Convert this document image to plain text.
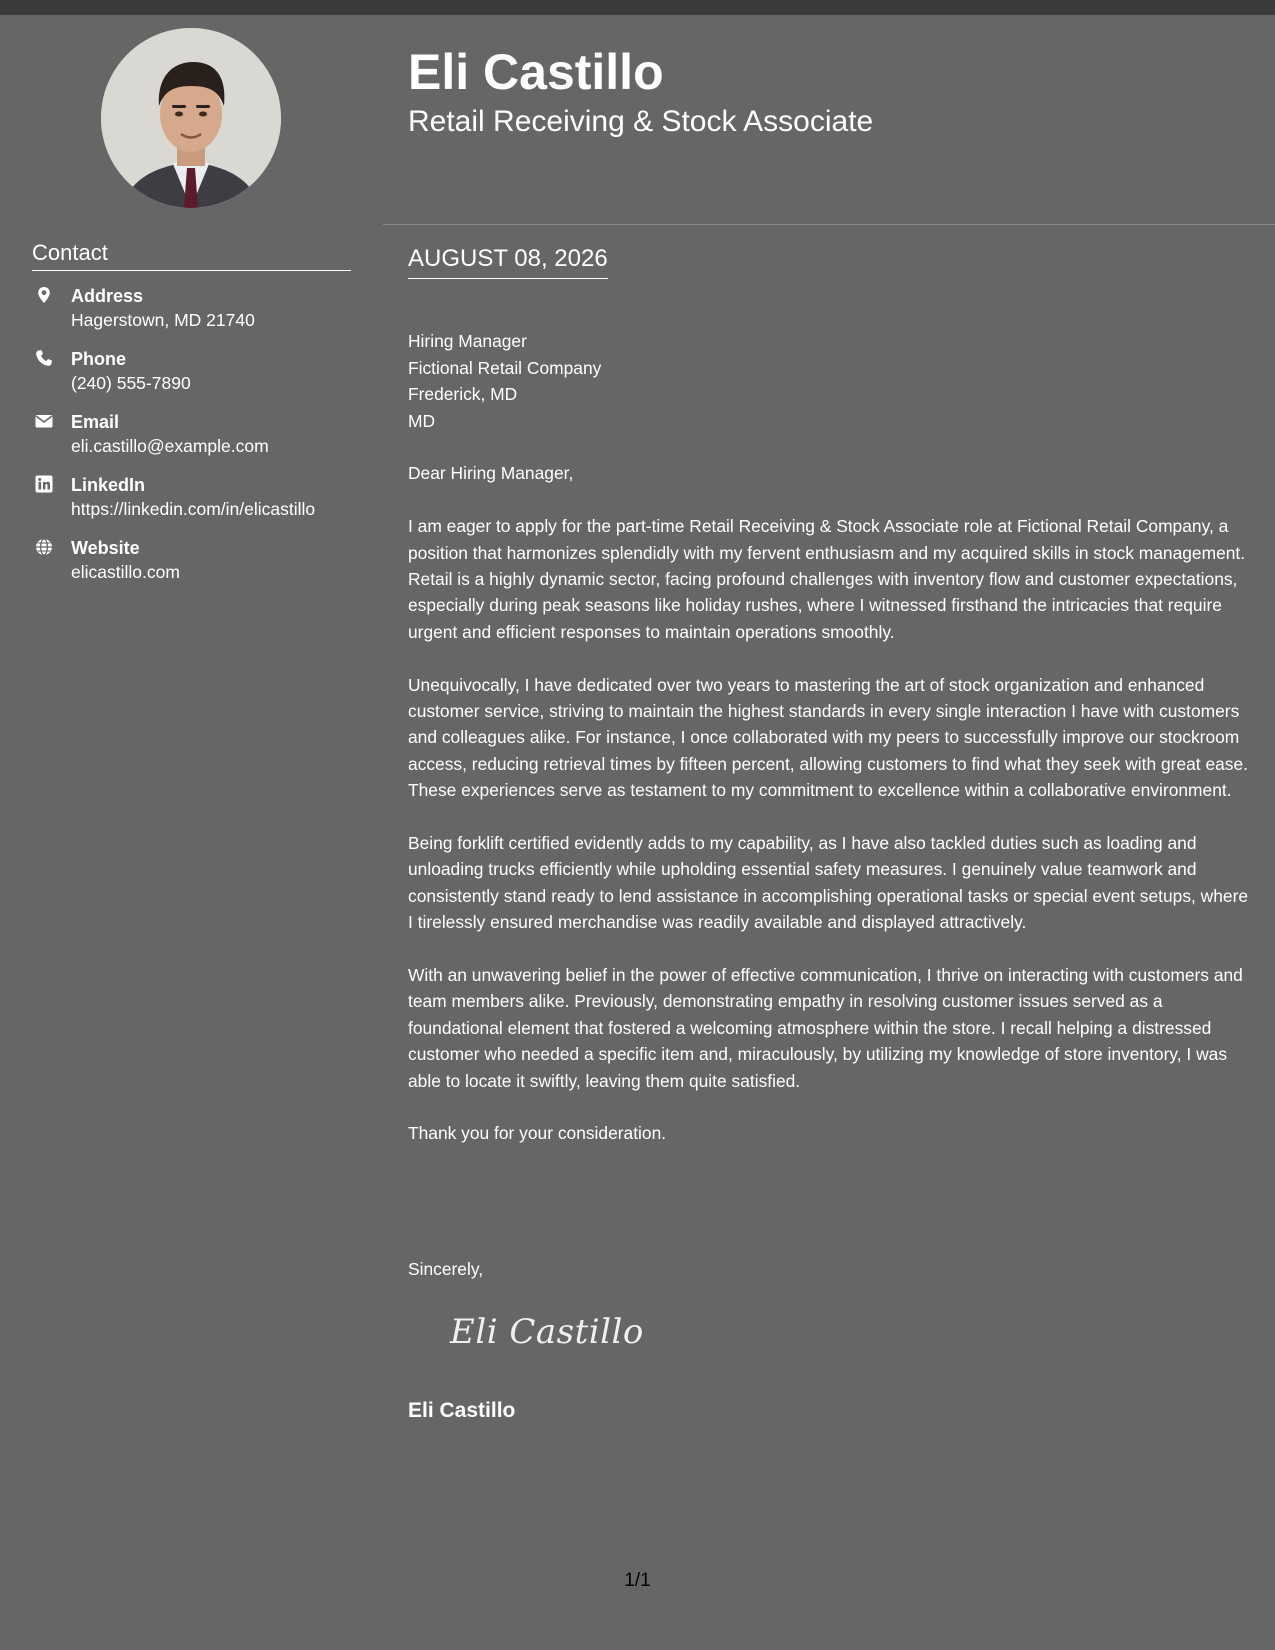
Contact
Address
Hagerstown, MD 21740
Phone
(240) 555-7890
Email
eli.castillo@example.com
LinkedIn
https://linkedin.com/in/elicastillo
Website
elicastillo.com
Eli Castillo
Retail Receiving & Stock Associate
AUGUST 08, 2026

Hiring Manager
Fictional Retail Company
Frederick, MD
MD

Dear Hiring Manager,

I am eager to apply for the part-time Retail Receiving & Stock Associate role at Fictional Retail Company, a position that harmonizes splendidly with my fervent enthusiasm and my acquired skills in stock management. Retail is a highly dynamic sector, facing profound challenges with inventory flow and customer expectations, especially during peak seasons like holiday rushes, where I witnessed firsthand the intricacies that require urgent and efficient responses to maintain operations smoothly.

Unequivocally, I have dedicated over two years to mastering the art of stock organization and enhanced customer service, striving to maintain the highest standards in every single interaction I have with customers and colleagues alike. For instance, I once collaborated with my peers to successfully improve our stockroom access, reducing retrieval times by fifteen percent, allowing customers to find what they seek with great ease. These experiences serve as testament to my commitment to excellence within a collaborative environment.

Being forklift certified evidently adds to my capability, as I have also tackled duties such as loading and unloading trucks efficiently while upholding essential safety measures. I genuinely value teamwork and consistently stand ready to lend assistance in accomplishing operational tasks or special event setups, where I tirelessly ensured merchandise was readily available and displayed attractively.

With an unwavering belief in the power of effective communication, I thrive on interacting with customers and team members alike. Previously, demonstrating empathy in resolving customer issues served as a foundational element that fostered a welcoming atmosphere within the store. I recall helping a distressed customer who needed a specific item and, miraculously, by utilizing my knowledge of store inventory, I was able to locate it swiftly, leaving them quite satisfied.

Thank you for your consideration.

Sincerely,
Eli Castillo
Eli Castillo
1/1
